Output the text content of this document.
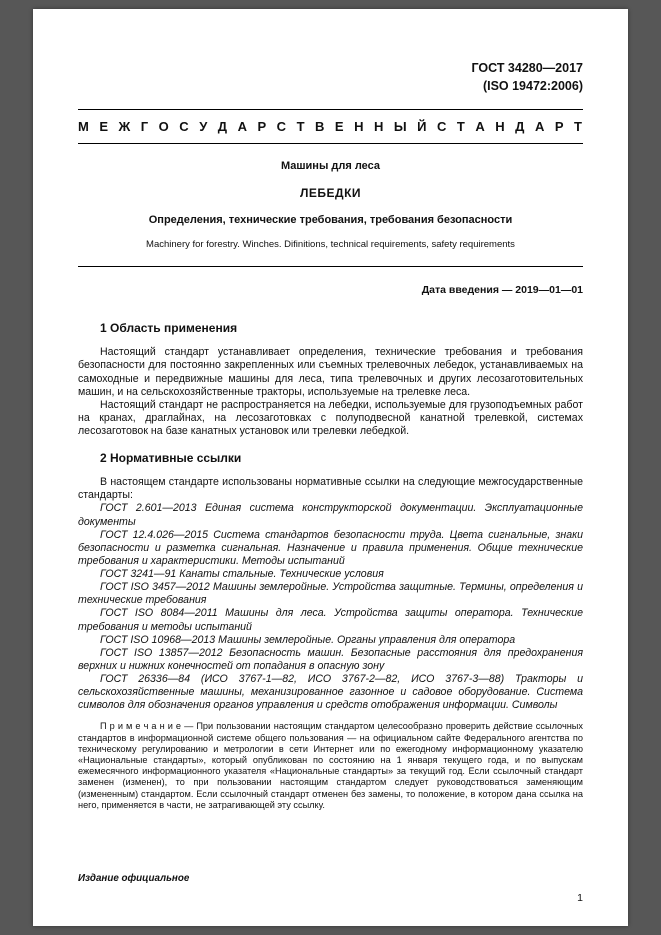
ГОСТ 34280—2017
(ISO 19472:2006)
М Е Ж Г О С У Д А Р С Т В Е Н Н Ы Й С Т А Н Д А Р Т
Машины для леса
ЛЕБЕДКИ
Определения, технические требования, требования безопасности
Machinery for forestry. Winches. Difinitions, technical requirements, safety requirements
Дата введения — 2019—01—01
1 Область применения

Настоящий стандарт устанавливает определения, технические требования и требования безопасности для постоянно закрепленных или съемных трелевочных лебедок, устанавливаемых на самоходные и передвижные машины для леса, типа трелевочных и других лесозаготовительных машин, и на сельскохозяйственные тракторы, используемые на трелевке леса.

Настоящий стандарт не распространяется на лебедки, используемые для грузоподъемных работ на кранах, драглайнах, на лесозаготовках с полуподвесной канатной трелевкой, системах лесозаготовок на базе канатных установок или трелевки лебедкой.

2 Нормативные ссылки

В настоящем стандарте использованы нормативные ссылки на следующие межгосударственные стандарты:

ГОСТ 2.601—2013 Единая система конструкторской документации. Эксплуатационные документы

ГОСТ 12.4.026—2015 Система стандартов безопасности труда. Цвета сигнальные, знаки безопасности и разметка сигнальная. Назначение и правила применения. Общие технические требования и характеристики. Методы испытаний

ГОСТ 3241—91 Канаты стальные. Технические условия

ГОСТ ISO 3457—2012 Машины землеройные. Устройства защитные. Термины, определения и технические требования

ГОСТ ISO 8084—2011 Машины для леса. Устройства защиты оператора. Технические требования и методы испытаний

ГОСТ ISO 10968—2013 Машины землеройные. Органы управления для оператора

ГОСТ ISO 13857—2012 Безопасность машин. Безопасные расстояния для предохранения верхних и нижних конечностей от попадания в опасную зону

ГОСТ 26336—84 (ИСО 3767-1—82, ИСО 3767-2—82, ИСО 3767-3—88) Тракторы и сельскохозяйственные машины, механизированное газонное и садовое оборудование. Система символов для обозначения органов управления и средств отображения информации. Символы

П р и м е ч а н и е — При пользовании настоящим стандартом целесообразно проверить действие ссылочных стандартов в информационной системе общего пользования — на официальном сайте Федерального агентства по техническому регулированию и метрологии в сети Интернет или по ежегодному информационному указателю «Национальные стандарты», который опубликован по состоянию на 1 января текущего года, и по выпускам ежемесячного информационного указателя «Национальные стандарты» за текущий год. Если ссылочный стандарт заменен (изменен), то при пользовании настоящим стандартом следует руководствоваться заменяющим (измененным) стандартом. Если ссылочный стандарт отменен без замены, то положение, в котором дана ссылка на него, применяется в части, не затрагивающей эту ссылку.

Издание официальное
1
